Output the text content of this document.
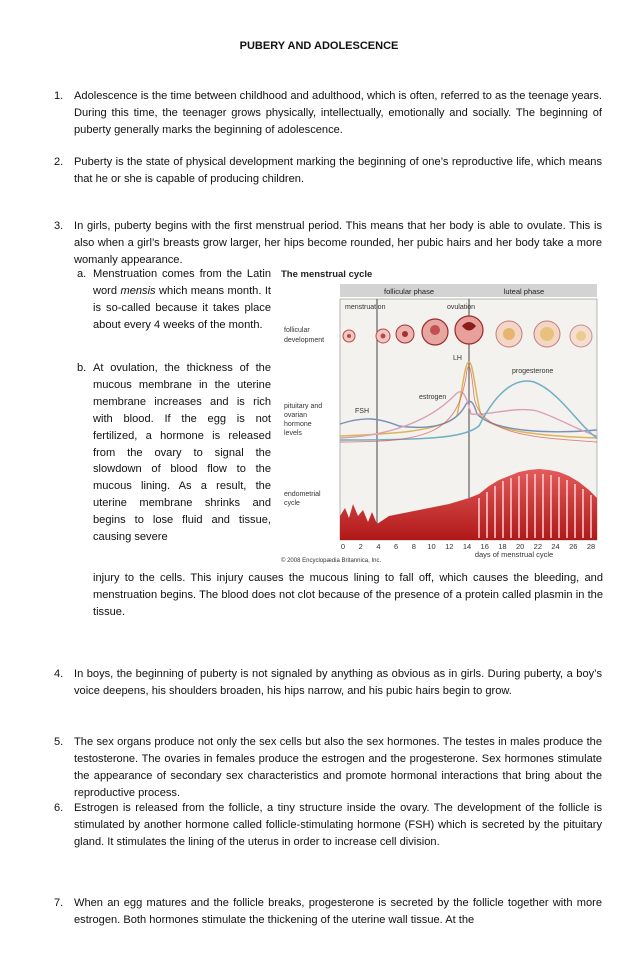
PUBERY AND ADOLESCENCE
1. Adolescence is the time between childhood and adulthood, which is often, referred to as the teenage years. During this time, the teenager grows physically, intellectually, emotionally and socially. The beginning of puberty generally marks the beginning of adolescence.
2. Puberty is the state of physical development marking the beginning of one’s reproductive life, which means that he or she is capable of producing children.
3. In girls, puberty begins with the first menstrual period. This means that her body is able to ovulate. This is also when a girl’s breasts grow larger, her hips become rounded, her pubic hairs and her body take a more womanly appearance.
a. Menstruation comes from the Latin word mensis which means month. It is so-called because it takes place about every 4 weeks of the month.
b. At ovulation, the thickness of the mucous membrane in the uterine membrane increases and is rich with blood. If the egg is not fertilized, a hormone is released from the ovary to signal the slowdown of blood flow to the mucous lining. As a result, the uterine membrane shrinks and begins to lose fluid and tissue, causing severe
injury to the cells. This injury causes the mucous lining to fall off, which causes the bleeding, and menstruation begins. The blood does not clot because of the presence of a protein called plasmin in the tissue.
The menstrual cycle
follicular phase	luteal phase
menstruation	ovulation
follicular
development
pituitary and
ovarian
hormone
levels
LH
estrogen
progesterone
FSH
endometrial
cycle
0 2 4 6 8 10 12 14 16 18 20 22 24 26 28
days of menstrual cycle
© 2008 Encyclopædia Britannica, Inc.
4. In boys, the beginning of puberty is not signaled by anything as obvious as in girls. During puberty, a boy’s voice deepens, his shoulders broaden, his hips narrow, and his pubic hairs begin to grow.
5. The sex organs produce not only the sex cells but also the sex hormones. The testes in males produce the testosterone. The ovaries in females produce the estrogen and the progesterone. Sex hormones stimulate the appearance of secondary sex characteristics and promote hormonal interactions that bring about the reproductive process.
6. Estrogen is released from the follicle, a tiny structure inside the ovary. The development of the follicle is stimulated by another hormone called follicle-stimulating hormone (FSH) which is secreted by the pituitary gland. It stimulates the lining of the uterus in order to increase cell division.
7. When an egg matures and the follicle breaks, progesterone is secreted by the follicle together with more estrogen. Both hormones stimulate the thickening of the uterine wall tissue. At the
